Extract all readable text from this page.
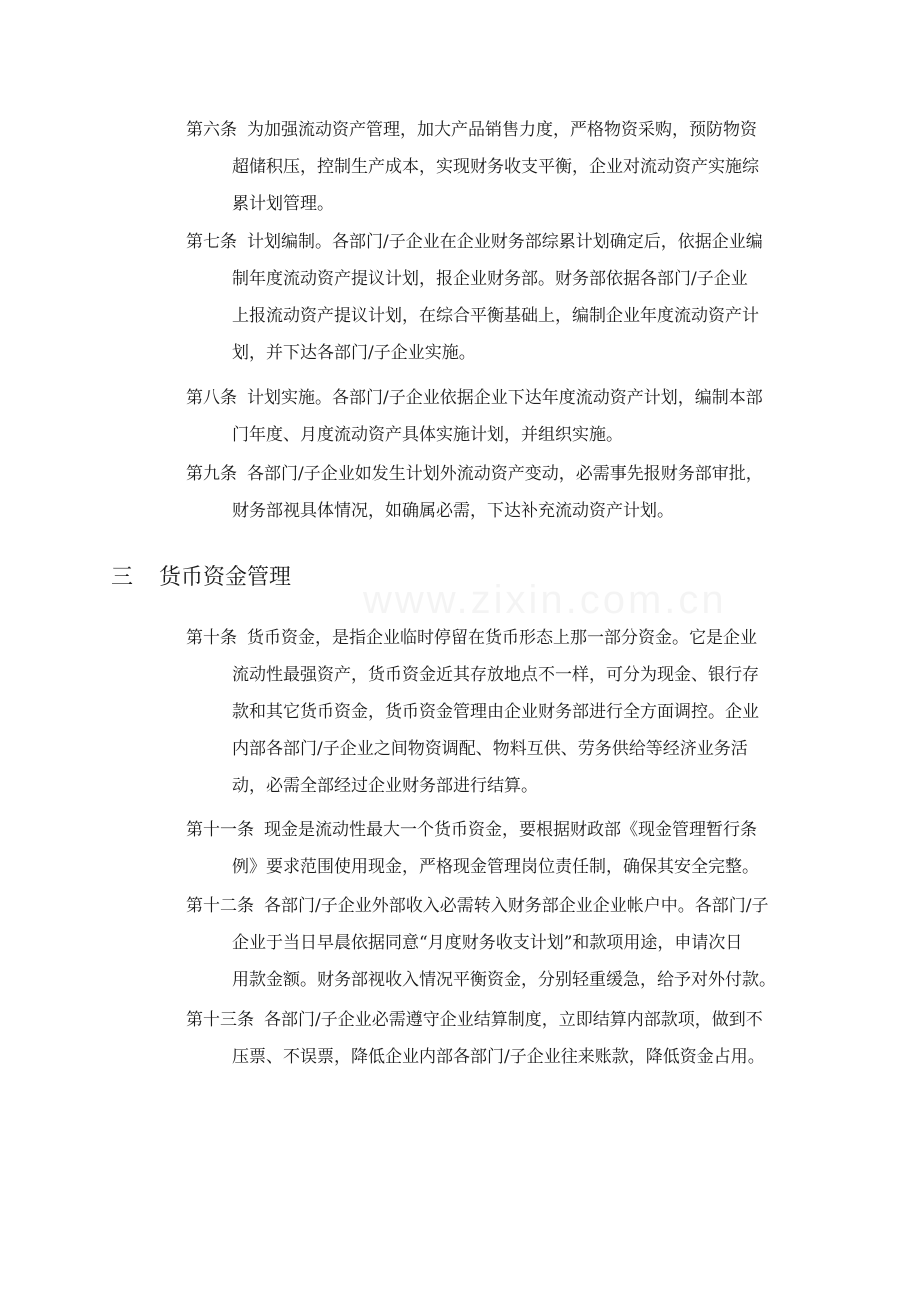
第六条 为加强流动资产管理，加大产品销售力度，严格物资采购，预防物资
超储积压，控制生产成本，实现财务收支平衡，企业对流动资产实施综
累计划管理。
第七条 计划编制。各部门/子企业在企业财务部综累计划确定后，依据企业编
制年度流动资产提议计划，报企业财务部。财务部依据各部门/子企业
上报流动资产提议计划，在综合平衡基础上，编制企业年度流动资产计
划，并下达各部门/子企业实施。
第八条 计划实施。各部门/子企业依据企业下达年度流动资产计划，编制本部
门年度、月度流动资产具体实施计划，并组织实施。
第九条 各部门/子企业如发生计划外流动资产变动，必需事先报财务部审批，
财务部视具体情况，如确属必需，下达补充流动资产计划。
三 货币资金管理
第十条 货币资金，是指企业临时停留在货币形态上那一部分资金。它是企业
流动性最强资产，货币资金近其存放地点不一样，可分为现金、银行存
款和其它货币资金，货币资金管理由企业财务部进行全方面调控。企业
内部各部门/子企业之间物资调配、物料互供、劳务供给等经济业务活
动，必需全部经过企业财务部进行结算。
第十一条 现金是流动性最大一个货币资金，要根据财政部《现金管理暂行条
例》要求范围使用现金，严格现金管理岗位责任制，确保其安全完整。
第十二条 各部门/子企业外部收入必需转入财务部企业企业帐户中。各部门/子
企业于当日早晨依据同意“月度财务收支计划”和款项用途，申请次日
用款金额。财务部视收入情况平衡资金，分别轻重缓急，给予对外付款。
第十三条 各部门/子企业必需遵守企业结算制度，立即结算内部款项，做到不
压票、不误票，降低企业内部各部门/子企业往来账款，降低资金占用。
